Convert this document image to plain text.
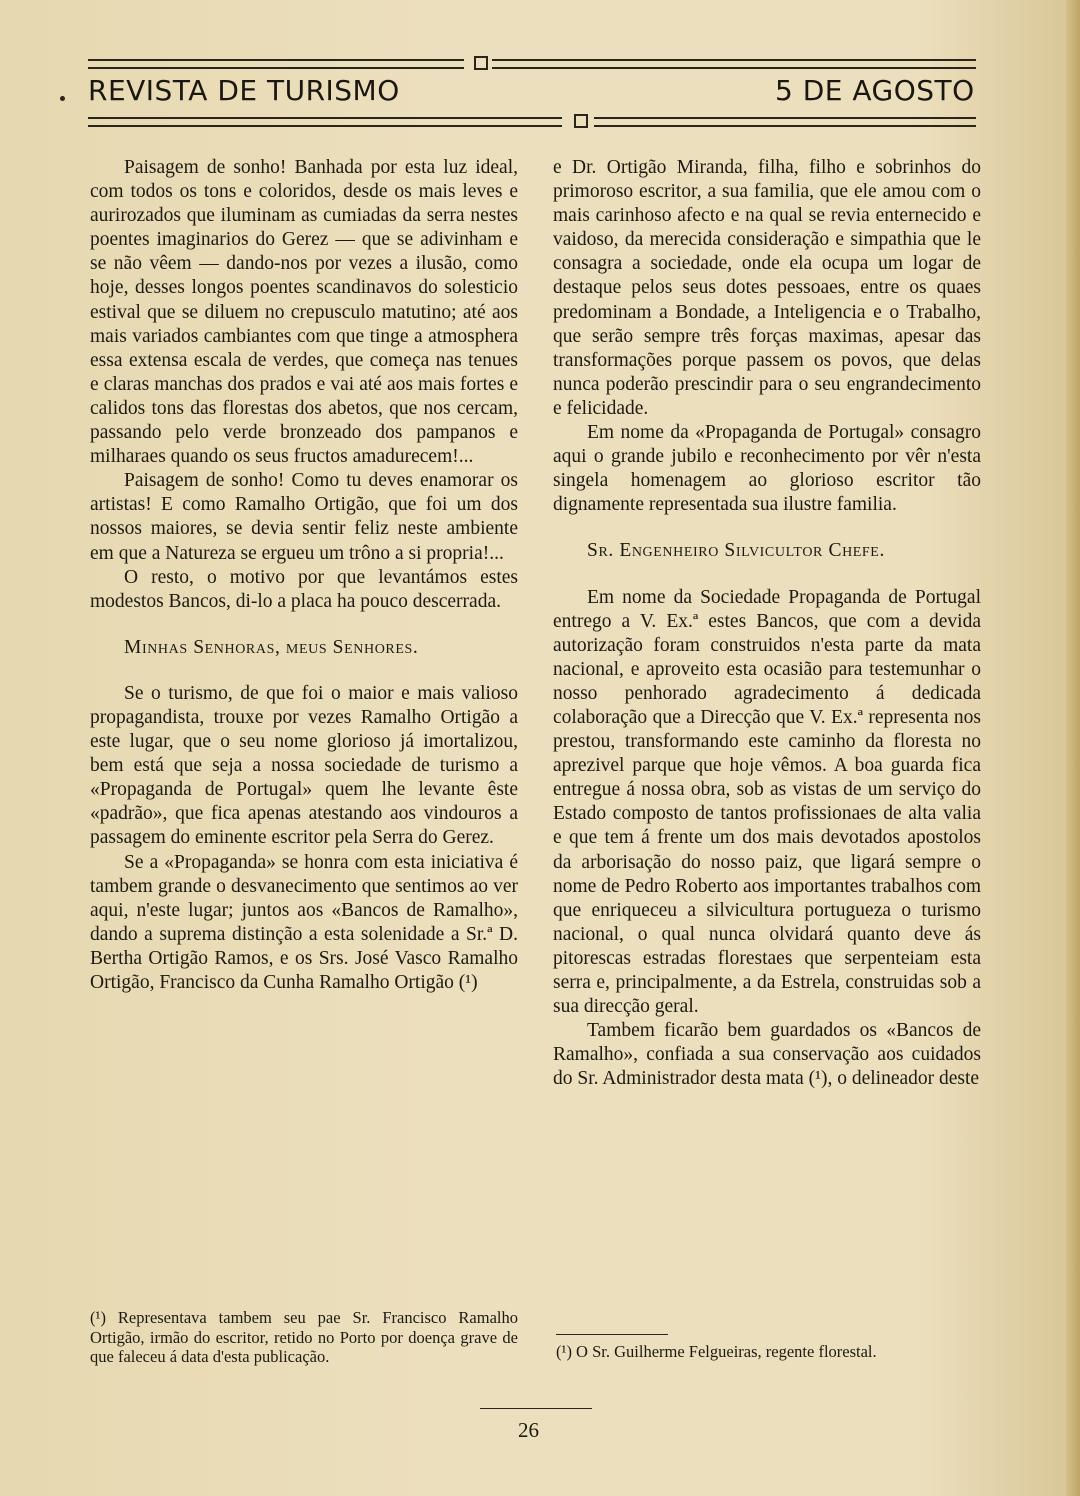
REVISTA DE TURISMO	5 DE AGOSTO

Paisagem de sonho! Banhada por esta luz ideal, com todos os tons e coloridos, desde os mais leves e aurirozados que iluminam as cumiadas da serra nestes poentes imaginarios do Gerez — que se adivinham e se não vêem — dando-nos por vezes a ilusão, como hoje, desses longos poentes scandinavos do solesticio estival que se diluem no crepusculo matutino; até aos mais variados cambiantes com que tinge a atmosphera essa extensa escala de verdes, que começa nas tenues e claras manchas dos prados e vai até aos mais fortes e calidos tons das florestas dos abetos, que nos cercam, passando pelo verde bronzeado dos pampanos e milharaes quando os seus fructos amadurecem!...

Paisagem de sonho! Como tu deves enamorar os artistas! E como Ramalho Ortigão, que foi um dos nossos maiores, se devia sentir feliz neste ambiente em que a Natureza se ergueu um trôno a si propria!...

O resto, o motivo por que levantámos estes modestos Bancos, di-lo a placa ha pouco descerrada.

Minhas Senhoras, meus Senhores.

Se o turismo, de que foi o maior e mais valioso propagandista, trouxe por vezes Ramalho Ortigão a este lugar, que o seu nome glorioso já imortalizou, bem está que seja a nossa sociedade de turismo a «Propaganda de Portugal» quem lhe levante êste «padrão», que fica apenas atestando aos vindouros a passagem do eminente escritor pela Serra do Gerez.

Se a «Propaganda» se honra com esta iniciativa é tambem grande o desvanecimento que sentimos ao ver aqui, n'este lugar; juntos aos «Bancos de Ramalho», dando a suprema distinção a esta solenidade a Sr.ª D. Bertha Ortigão Ramos, e os Srs. José Vasco Ramalho Ortigão, Francisco da Cunha Ramalho Ortigão (¹)

(¹) Representava tambem seu pae Sr. Francisco Ramalho Ortigão, irmão do escritor, retido no Porto por doença grave de que faleceu á data d'esta publicação.

e Dr. Ortigão Miranda, filha, filho e sobrinhos do primoroso escritor, a sua familia, que ele amou com o mais carinhoso afecto e na qual se revia enternecido e vaidoso, da merecida consideração e simpathia que le consagra a sociedade, onde ela ocupa um logar de destaque pelos seus dotes pessoaes, entre os quaes predominam a Bondade, a Inteligencia e o Trabalho, que serão sempre três forças maximas, apesar das transformações porque passem os povos, que delas nunca poderão prescindir para o seu engrandecimento e felicidade.

Em nome da «Propaganda de Portugal» consagro aqui o grande jubilo e reconhecimento por vêr n'esta singela homenagem ao glorioso escritor tão dignamente representada sua ilustre familia.

Sr. Engenheiro Silvicultor Chefe.

Em nome da Sociedade Propaganda de Portugal entrego a V. Ex.ª estes Bancos, que com a devida autorização foram construidos n'esta parte da mata nacional, e aproveito esta ocasião para testemunhar o nosso penhorado agradecimento á dedicada colaboração que a Direcção que V. Ex.ª representa nos prestou, transformando este caminho da floresta no aprezivel parque que hoje vêmos. A boa guarda fica entregue á nossa obra, sob as vistas de um serviço do Estado composto de tantos profissionaes de alta valia e que tem á frente um dos mais devotados apostolos da arborisação do nosso paiz, que ligará sempre o nome de Pedro Roberto aos importantes trabalhos com que enriqueceu a silvicultura portugueza o turismo nacional, o qual nunca olvidará quanto deve ás pitorescas estradas florestaes que serpenteiam esta serra e, principalmente, a da Estrela, construidas sob a sua direcção geral.

Tambem ficarão bem guardados os «Bancos de Ramalho», confiada a sua conservação aos cuidados do Sr. Administrador desta mata (¹), o delineador deste

(¹) O Sr. Guilherme Felgueiras, regente florestal.
26
